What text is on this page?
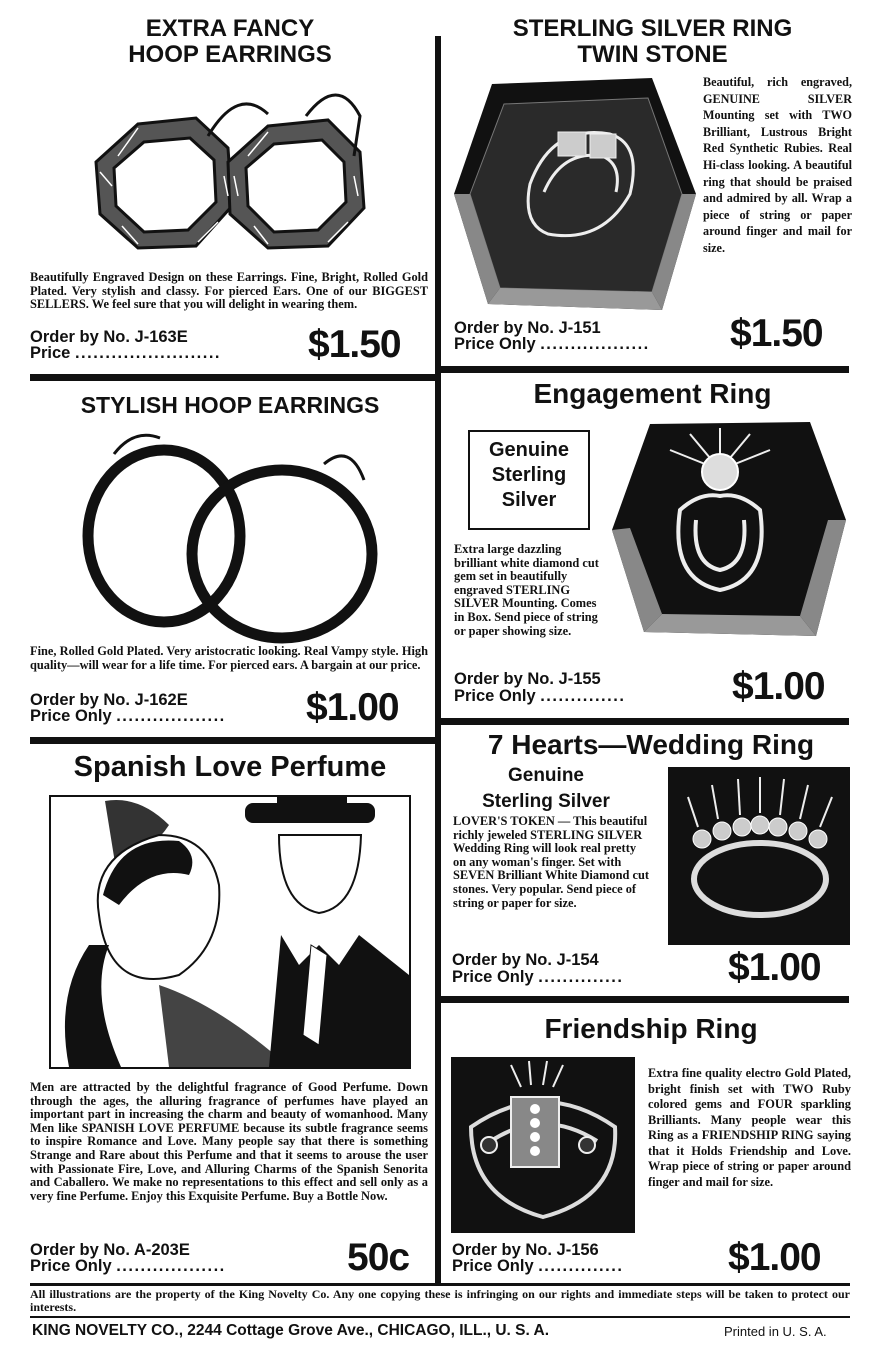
EXTRA FANCY
HOOP EARRINGS
Beautifully Engraved Design on these Earrings. Fine, Bright, Rolled Gold Plated. Very stylish and classy. For pierced Ears. One of our BIGGEST SELLERS. We feel sure that you will delight in wearing them.
Order by No. J-163E
Price ........................ $1.50
STERLING SILVER RING
TWIN STONE
Beautiful, rich engraved, GENUINE SILVER Mounting set with TWO Brilliant, Lustrous Bright Red Synthetic Rubies. Real Hi-class looking. A beautiful ring that should be praised and admired by all. Wrap a piece of string or paper around finger and mail for size.
Order by No. J-151
Price Only .................. $1.50
STYLISH HOOP EARRINGS
Fine, Rolled Gold Plated. Very aristocratic looking. Real Vampy style. High quality—will wear for a life time. For pierced ears. A bargain at our price.
Order by No. J-162E
Price Only .................. $1.00
Engagement Ring
Genuine
Sterling
Silver
Extra large dazzling brilliant white diamond cut gem set in beautifully engraved STERLING SILVER Mounting. Comes in Box. Send piece of string or paper showing size.
Order by No. J-155
Price Only ..............	$1.00
Spanish Love Perfume
Men are attracted by the delightful fragrance of Good Perfume. Down through the ages, the alluring fragrance of perfumes have played an important part in increasing the charm and beauty of womanhood. Many Men like SPANISH LOVE PERFUME because its subtle fragrance seems to inspire Romance and Love. Many people say that there is something Strange and Rare about this Perfume and that it seems to arouse the user with Passionate Fire, Love, and Alluring Charms of the Spanish Senorita and Caballero. We make no representations to this effect and sell only as a very fine Perfume. Enjoy this Exquisite Perfume. Buy a Bottle Now.
Order by No. A-203E
Price Only ..................	50c
7 Hearts—Wedding Ring
Genuine
Sterling Silver
LOVER'S TOKEN — This beautiful richly jeweled STERLING SILVER Wedding Ring will look real pretty on any woman's finger. Set with SEVEN Brilliant White Diamond cut stones. Very popular. Send piece of string or paper for size.
Order by No. J-154
Price Only ..............	$1.00
Friendship Ring
Extra fine quality electro Gold Plated, bright finish set with TWO Ruby colored gems and FOUR sparkling Brilliants. Many people wear this Ring as a FRIENDSHIP RING saying that it Holds Friendship and Love. Wrap piece of string or paper around finger and mail for size.
Order by No. J-156
Price Only ..............	$1.00
All illustrations are the property of the King Novelty Co. Any one copying these is infringing on our rights and immediate steps will be taken to protect our interests.
KING NOVELTY CO., 2244 Cottage Grove Ave., CHICAGO, ILL., U. S. A.	Printed in U. S. A.
